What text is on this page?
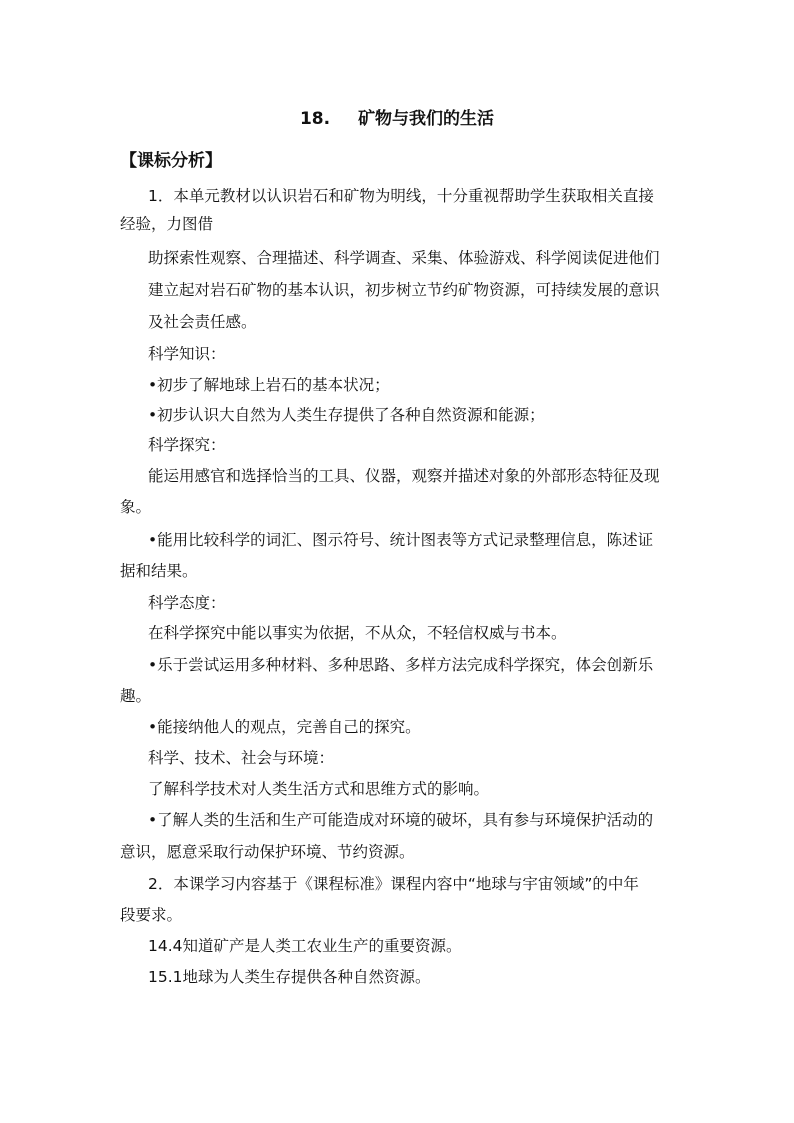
18. 矿物与我们的生活
【课标分析】
1．本单元教材以认识岩石和矿物为明线，十分重视帮助学生获取相关直接
经验，力图借
助探索性观察、合理描述、科学调查、采集、体验游戏、科学阅读促进他们
建立起对岩石矿物的基本认识，初步树立节约矿物资源，可持续发展的意识
及社会责任感。
科学知识：
•初步了解地球上岩石的基本状况；
•初步认识大自然为人类生存提供了各种自然资源和能源；
科学探究：
能运用感官和选择恰当的工具、仪器，观察并描述对象的外部形态特征及现
象。
•能用比较科学的词汇、图示符号、统计图表等方式记录整理信息，陈述证
据和结果。
科学态度：
在科学探究中能以事实为依据，不从众，不轻信权威与书本。
•乐于尝试运用多种材料、多种思路、多样方法完成科学探究，体会创新乐
趣。
•能接纳他人的观点，完善自己的探究。
科学、技术、社会与环境：
了解科学技术对人类生活方式和思维方式的影响。
•了解人类的生活和生产可能造成对环境的破坏，具有参与环境保护活动的
意识，愿意采取行动保护环境、节约资源。
2．本课学习内容基于《课程标准》课程内容中“地球与宇宙领域”的中年
段要求。
14.4知道矿产是人类工农业生产的重要资源。
15.1地球为人类生存提供各种自然资源。
